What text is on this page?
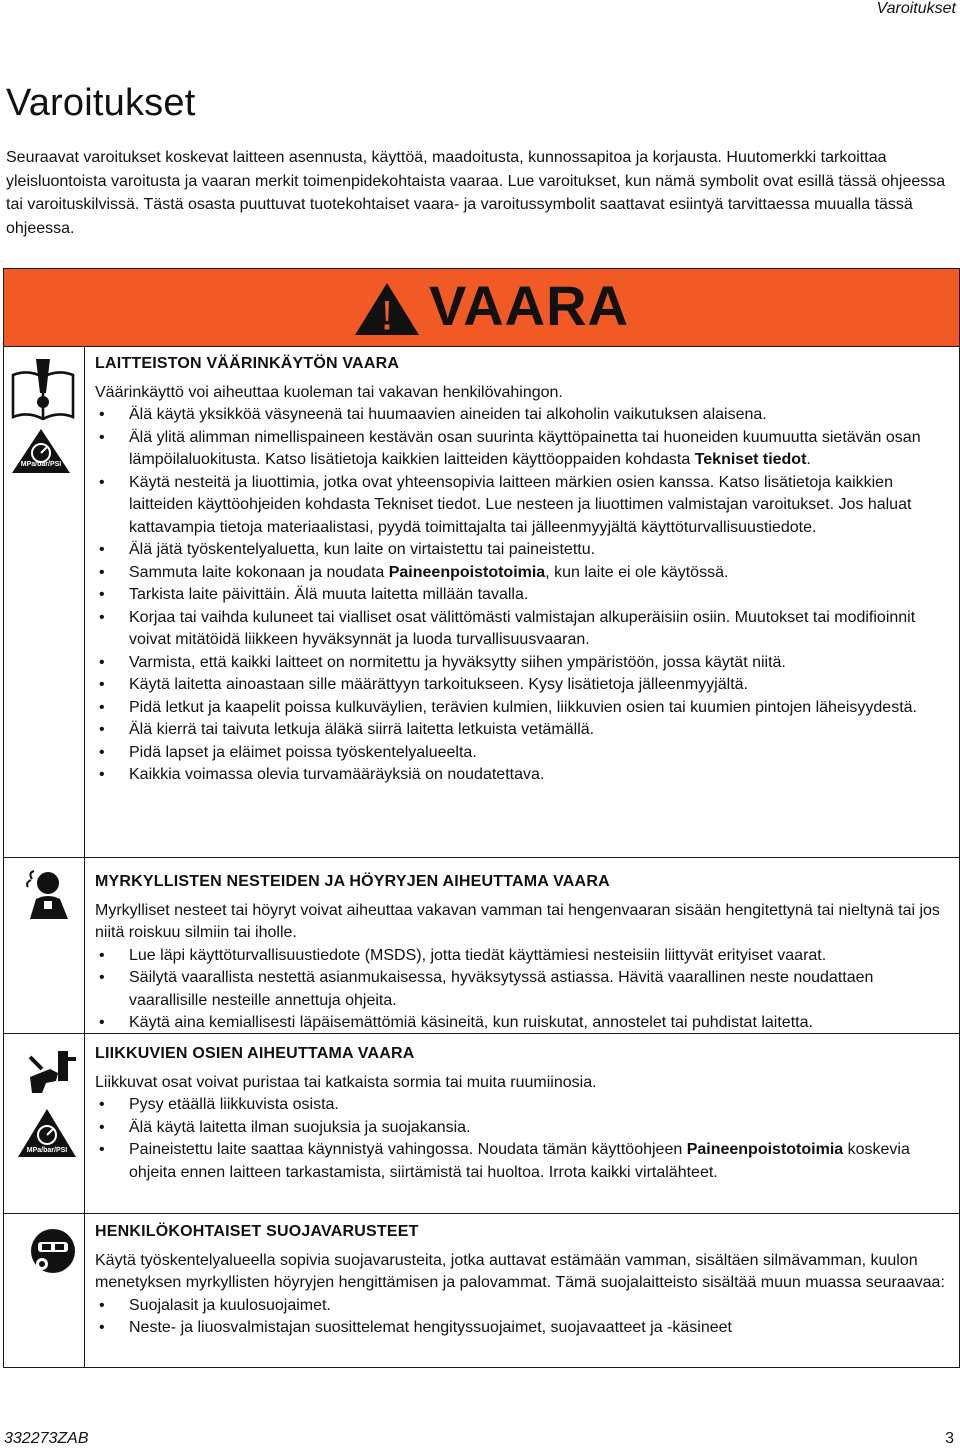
Varoitukset
Varoitukset

Seuraavat varoitukset koskevat laitteen asennusta, käyttöä, maadoitusta, kunnossapitoa ja korjausta. Huutomerkki tarkoittaa yleisluontoista varoitusta ja vaaran merkit toimenpidekohtaista vaaraa. Lue varoitukset, kun nämä symbolit ovat esillä tässä ohjeessa tai varoituskilvissä. Tästä osasta puuttuvat tuotekohtaiset vaara- ja varoitussymbolit saattavat esiintyä tarvittaessa muualla tässä ohjeessa.

VAARA
MPa/bar/PSI
MPa/bar/PSI
LAITTEISTON VÄÄRINKÄYTÖN VAARA

Väärinkäyttö voi aiheuttaa kuoleman tai vakavan henkilövahingon.

• Älä käytä yksikköä väsyneenä tai huumaavien aineiden tai alkoholin vaikutuksen alaisena.
• Älä ylitä alimman nimellispaineen kestävän osan suurinta käyttöpainetta tai huoneiden kuumuutta sietävän osan lämpöilaluokitusta. Katso lisätietoja kaikkien laitteiden käyttöoppaiden kohdasta Tekniset tiedot.
• Käytä nesteitä ja liuottimia, jotka ovat yhteensopivia laitteen märkien osien kanssa. Katso lisätietoja kaikkien laitteiden käyttöohjeiden kohdasta Tekniset tiedot. Lue nesteen ja liuottimen valmistajan varoitukset. Jos haluat kattavampia tietoja materiaalistasi, pyydä toimittajalta tai jälleenmyyjältä käyttöturvallisuustiedote.
• Älä jätä työskentelyaluetta, kun laite on virtaistettu tai paineistettu.
• Sammuta laite kokonaan ja noudata Paineenpoistotoimia, kun laite ei ole käytössä.
• Tarkista laite päivittäin. Älä muuta laitetta millään tavalla.
• Korjaa tai vaihda kuluneet tai vialliset osat välittömästi valmistajan alkuperäisiin osiin. Muutokset tai modifioinnit voivat mitätöidä liikkeen hyväksynnät ja luoda turvallisuusvaaran.
• Varmista, että kaikki laitteet on normitettu ja hyväksytty siihen ympäristöön, jossa käytät niitä.
• Käytä laitetta ainoastaan sille määrättyyn tarkoitukseen. Kysy lisätietoja jälleenmyyjältä.
• Pidä letkut ja kaapelit poissa kulkuväylien, terävien kulmien, liikkuvien osien tai kuumien pintojen läheisyydestä.
• Älä kierrä tai taivuta letkuja äläkä siirrä laitetta letkuista vetämällä.
• Pidä lapset ja eläimet poissa työskentelyalueelta.
• Kaikkia voimassa olevia turvamääräyksiä on noudatettava.
MYRKYLLISTEN NESTEIDEN JA HÖYRYJEN AIHEUTTAMA VAARA

Myrkylliset nesteet tai höyryt voivat aiheuttaa vakavan vamman tai hengenvaaran sisään hengitettynä tai nieltynä tai jos niitä roiskuu silmiin tai iholle.

• Lue läpi käyttöturvallisuustiedote (MSDS), jotta tiedät käyttämiesi nesteisiin liittyvät erityiset vaarat.
• Säilytä vaarallista nestettä asianmukaisessa, hyväksytyssä astiassa. Hävitä vaarallinen neste noudattaen vaarallisille nesteille annettuja ohjeita.
• Käytä aina kemiallisesti läpäisemättömiä käsineitä, kun ruiskutat, annostelet tai puhdistat laitetta.
LIIKKUVIEN OSIEN AIHEUTTAMA VAARA

Liikkuvat osat voivat puristaa tai katkaista sormia tai muita ruumiinosia.

• Pysy etäällä liikkuvista osista.
• Älä käytä laitetta ilman suojuksia ja suojakansia.
• Paineistettu laite saattaa käynnistyä vahingossa. Noudata tämän käyttöohjeen Paineenpoistotoimia koskevia ohjeita ennen laitteen tarkastamista, siirtämistä tai huoltoa. Irrota kaikki virtalähteet.
HENKILÖKOHTAISET SUOJAVARUSTEET

Käytä työskentelyalueella sopivia suojavarusteita, jotka auttavat estämään vamman, sisältäen silmävamman, kuulon menetyksen myrkyllisten höyryjen hengittämisen ja palovammat. Tämä suojalaitteisto sisältää muun muassa seuraavaa:

• Suojalasit ja kuulosuojaimet.
• Neste- ja liuosvalmistajan suosittelemat hengityssuojaimet, suojavaatteet ja -käsineet
332273ZAB	3
